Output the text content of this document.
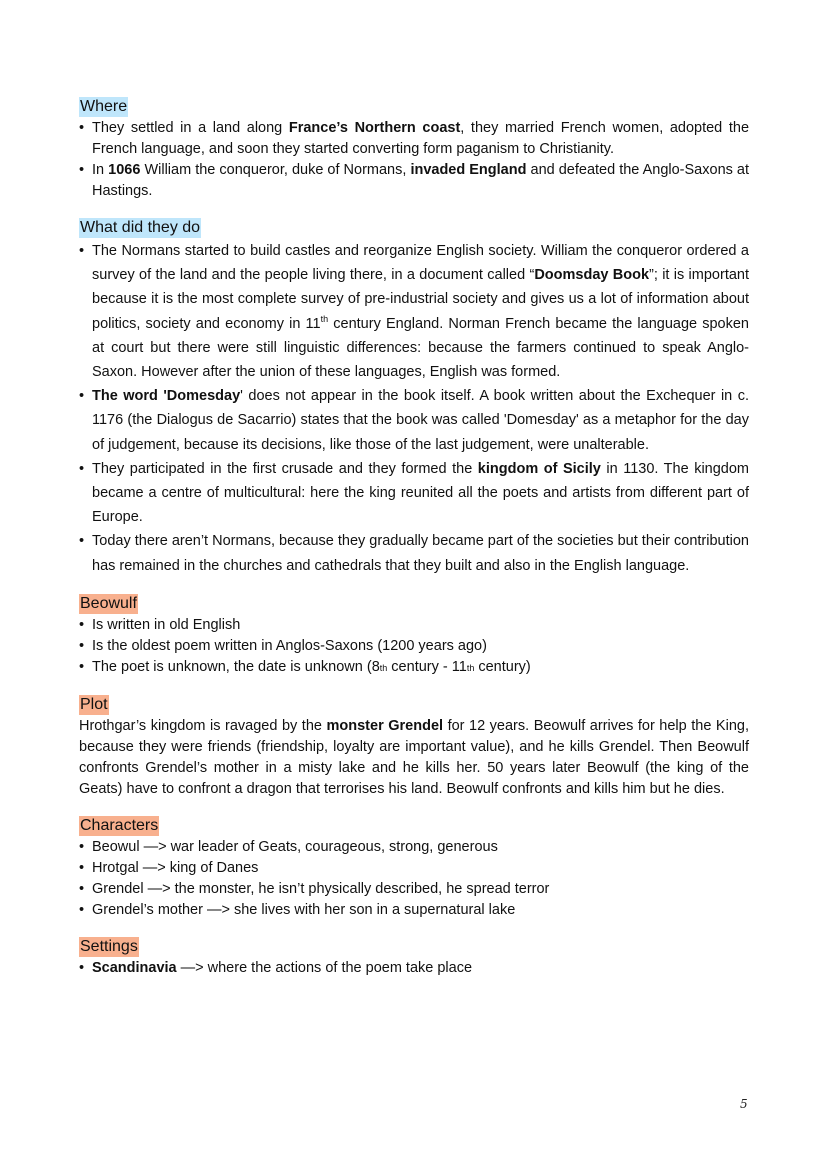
Where
• They settled in a land along France’s Northern coast, they married French women, adopted the French language, and soon they started converting form paganism to Christianity.
• In 1066 William the conqueror, duke of Normans, invaded England and defeated the Anglo-Saxons at Hastings.
What did they do
• The Normans started to build castles and reorganize English society. William the conqueror ordered a survey of the land and the people living there, in a document called “Doomsday Book”; it is important because it is the most complete survey of pre-industrial society and gives us a lot of information about politics, society and economy in 11th century England. Norman French became the language spoken at court but there were still linguistic differences: because the farmers continued to speak Anglo-Saxon. However after the union of these languages, English was formed.
• The word 'Domesday' does not appear in the book itself. A book written about the Exchequer in c. 1176 (the Dialogus de Sacarrio) states that the book was called 'Domesday' as a metaphor for the day of judgement, because its decisions, like those of the last judgement, were unalterable.
• They participated in the first crusade and they formed the kingdom of Sicily in 1130. The kingdom became a centre of multicultural: here the king reunited all the poets and artists from different part of Europe.
• Today there aren’t Normans, because they gradually became part of the societies but their contribution has remained in the churches and cathedrals that they built and also in the English language.
Beowulf
• Is written in old English
• Is the oldest poem written in Anglos-Saxons (1200 years ago)
• The poet is unknown, the date is unknown (8th century - 11th century)
Plot

Hrothgar’s kingdom is ravaged by the monster Grendel for 12 years. Beowulf arrives for help the King, because they were friends (friendship, loyalty are important value), and he kills Grendel. Then Beowulf confronts Grendel’s mother in a misty lake and he kills her. 50 years later Beowulf (the king of the Geats) have to confront a dragon that terrorises his land. Beowulf confronts and kills him but he dies.

Characters
• Beowul —> war leader of Geats, courageous, strong, generous
• Hrotgal —> king of Danes
• Grendel —> the monster, he isn’t physically described, he spread terror
• Grendel’s mother —> she lives with her son in a supernatural lake
Settings
• Scandinavia —> where the actions of the poem take place
5
